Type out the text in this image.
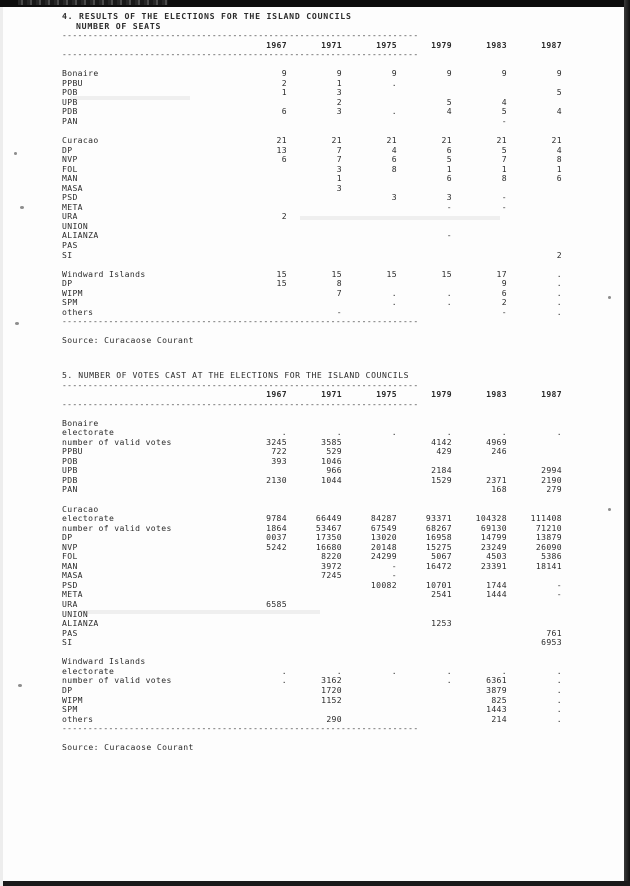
4. RESULTS OF THE ELECTIONS FOR THE ISLAND COUNCILS
NUMBER OF SEATS
---------------------------------------------------------------------
	1967	1971	1975	1979	1983	1987
---------------------------------------------------------------------
Bonaire	9	9	9	9	9	9
PPBU	2	1	.			
POB	1	3				5
UPB		2		5	4	
PDB	6	3	.	4	5	4
PAN					-	

Curacao	21	21	21	21	21	21
DP	13	7	4	6	5	4
NVP	6	7	6	5	7	8
FOL		3	8	1	1	1
MAN		1		6	8	6
MASA		3				
PSD			3	3	-	
META				-	-	
URA	2					
UNION						
ALIANZA				-		
PAS						
SI						2

Windward Islands	15	15	15	15	17	.
DP	15	8			9	.
WIPM		7	.	.	6	.
SPM			.	.	2	.
others		-			-	.
---------------------------------------------------------------------
Source: Curacaose Courant
5. NUMBER OF VOTES CAST AT THE ELECTIONS FOR THE ISLAND COUNCILS
---------------------------------------------------------------------
	1967	1971	1975	1979	1983	1987
---------------------------------------------------------------------
Bonaire						
electorate	.	.	.	.	.	.

number of valid votes	3245	3585		4142	4969	
PPBU	722	529		429	246	
POB	393	1046				
UPB		966		2184		2994
PDB	2130	1044		1529	2371	2190
PAN					168	279

Curacao						
electorate	9784	66449	84287	93371	104328	111408

number of valid votes	1864	53467	67549	68267	69130	71210
DP	0037	17350	13020	16958	14799	13879
NVP	5242	16680	20148	15275	23249	26090
FOL		8220	24299	5067	4503	5386
MAN		3972	-	16472	23391	18141
MASA		7245	-			
PSD			10082	10701	1744	-
META				2541	1444	-
URA	6585					
UNION						
ALIANZA				1253		
PAS						761
SI						6953

Windward Islands						
electorate	.	.	.	.	.	.

number of valid votes	.	3162		.	6361	.
DP		1720			3879	.
WIPM		1152			825	.
SPM					1443	.
others		290			214	.
---------------------------------------------------------------------
Source: Curacaose Courant
